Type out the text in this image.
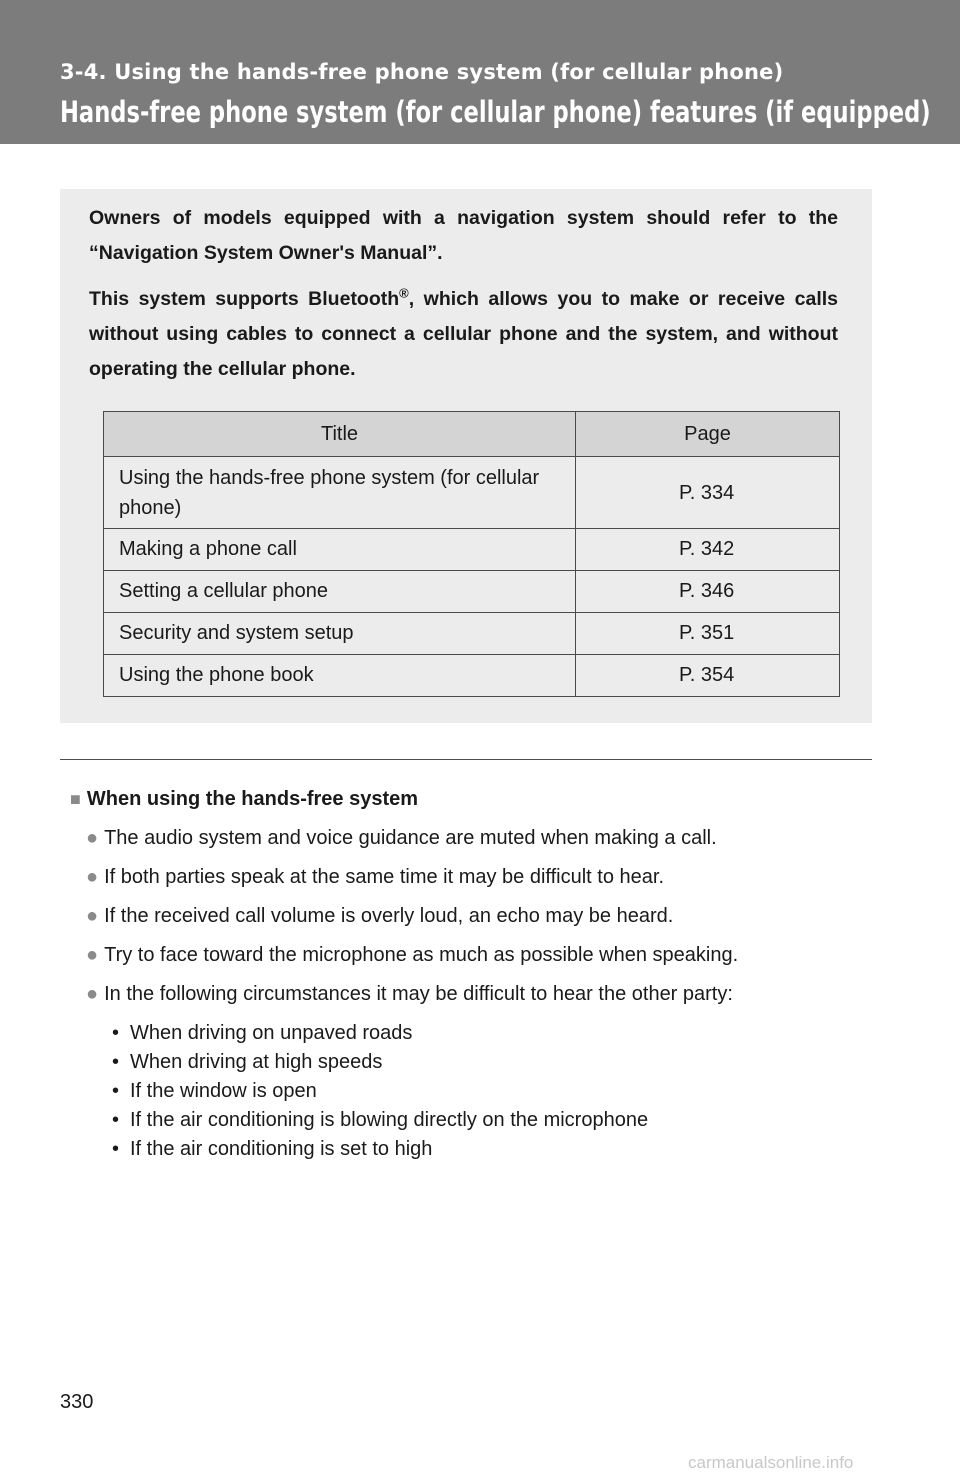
3-4. Using the hands-free phone system (for cellular phone)
Hands-free phone system (for cellular phone) features (if equipped)

Owners of models equipped with a navigation system should refer to the “Navigation System Owner's Manual”.

This system supports Bluetooth®, which allows you to make or receive calls without using cables to connect a cellular phone and the system, and without operating the cellular phone.

Title	Page
Using the hands-free phone system (for cellular phone)	P. 334
Making a phone call	P. 342
Setting a cellular phone	P. 346
Security and system setup	P. 351
Using the phone book	P. 354
■ When using the hands-free system
● The audio system and voice guidance are muted when making a call.
● If both parties speak at the same time it may be difficult to hear.
● If the received call volume is overly loud, an echo may be heard.
● Try to face toward the microphone as much as possible when speaking.
● In the following circumstances it may be difficult to hear the other party:
• When driving on unpaved roads
• When driving at high speeds
• If the window is open
• If the air conditioning is blowing directly on the microphone
• If the air conditioning is set to high
330
carmanualsonline.info
